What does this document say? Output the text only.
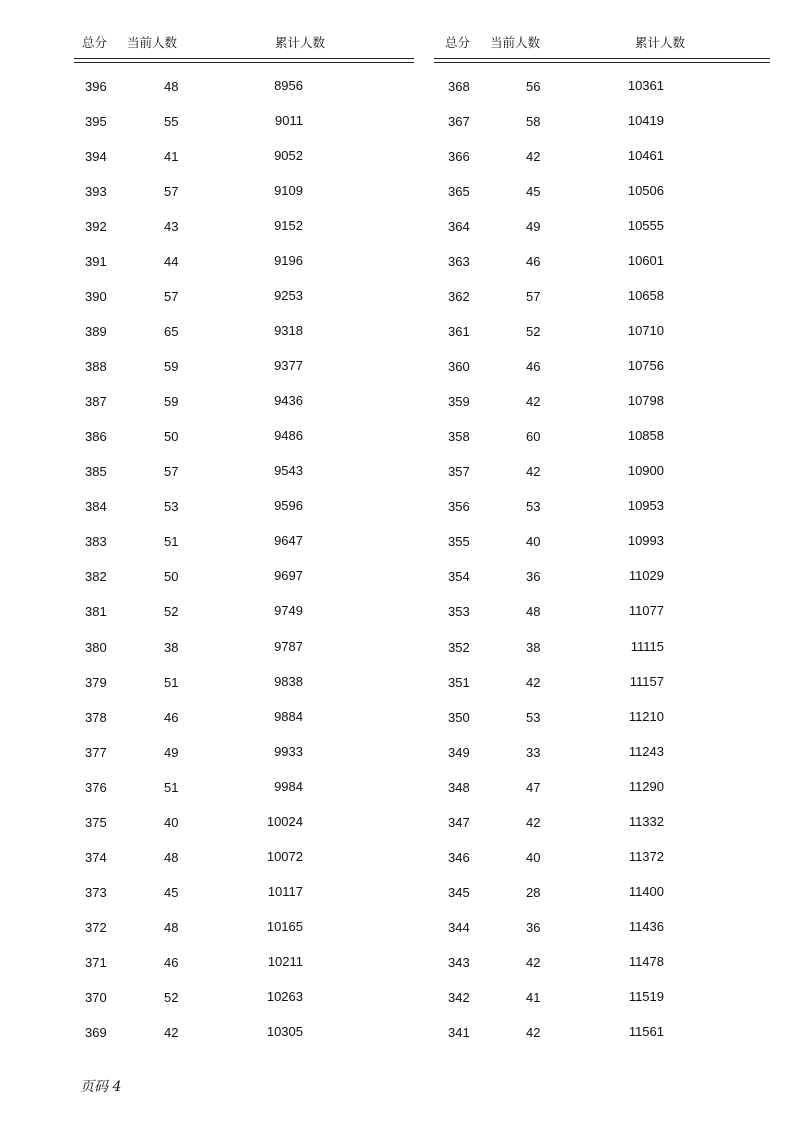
总分 当前人数	累计人数
396	48	8956
395	55	9011
394	41	9052
393	57	9109
392	43	9152
391	44	9196
390	57	9253
389	65	9318
388	59	9377
387	59	9436
386	50	9486
385	57	9543
384	53	9596
383	51	9647
382	50	9697
381	52	9749
380	38	9787
379	51	9838
378	46	9884
377	49	9933
376	51	9984
375	40	10024
374	48	10072
373	45	10117
372	48	10165
371	46	10211
370	52	10263
369	42	10305
总分 当前人数	累计人数
368	56	10361
367	58	10419
366	42	10461
365	45	10506
364	49	10555
363	46	10601
362	57	10658
361	52	10710
360	46	10756
359	42	10798
358	60	10858
357	42	10900
356	53	10953
355	40	10993
354	36	11029
353	48	11077
352	38	11115
351	42	11157
350	53	11210
349	33	11243
348	47	11290
347	42	11332
346	40	11372
345	28	11400
344	36	11436
343	42	11478
342	41	11519
341	42	11561
页码 4
